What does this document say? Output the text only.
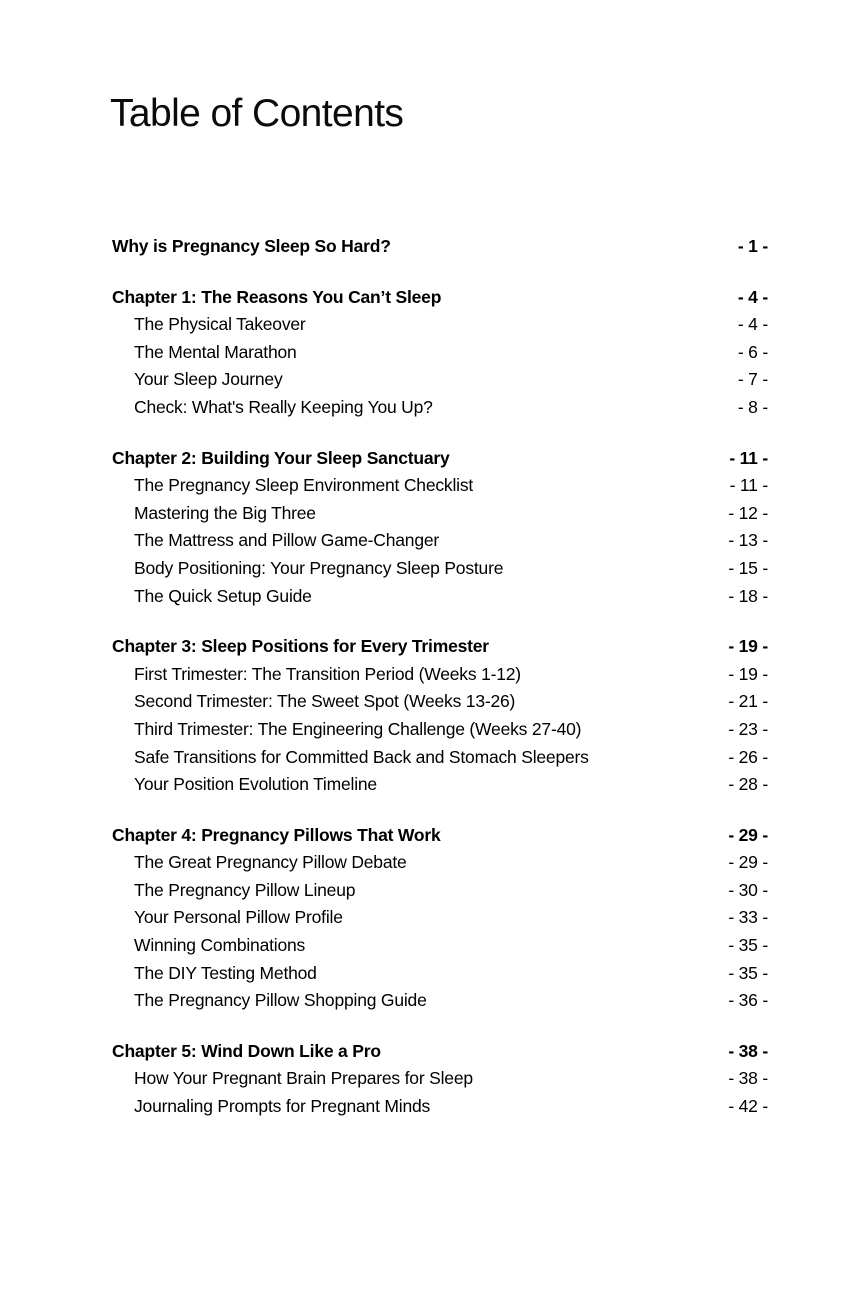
Table of Contents
Why is Pregnancy Sleep So Hard?	- 1 -
Chapter 1: The Reasons You Can’t Sleep	- 4 -
The Physical Takeover	- 4 -
The Mental Marathon	- 6 -
Your Sleep Journey	- 7 -
Check: What's Really Keeping You Up?	- 8 -
Chapter 2: Building Your Sleep Sanctuary	- 11 -
The Pregnancy Sleep Environment Checklist	- 11 -
Mastering the Big Three	- 12 -
The Mattress and Pillow Game-Changer	- 13 -
Body Positioning: Your Pregnancy Sleep Posture	- 15 -
The Quick Setup Guide	- 18 -
Chapter 3: Sleep Positions for Every Trimester	- 19 -
First Trimester: The Transition Period (Weeks 1-12)	- 19 -
Second Trimester: The Sweet Spot (Weeks 13-26)	- 21 -
Third Trimester: The Engineering Challenge (Weeks 27-40)	- 23 -
Safe Transitions for Committed Back and Stomach Sleepers	- 26 -
Your Position Evolution Timeline	- 28 -
Chapter 4: Pregnancy Pillows That Work	- 29 -
The Great Pregnancy Pillow Debate	- 29 -
The Pregnancy Pillow Lineup	- 30 -
Your Personal Pillow Profile	- 33 -
Winning Combinations	- 35 -
The DIY Testing Method	- 35 -
The Pregnancy Pillow Shopping Guide	- 36 -
Chapter 5: Wind Down Like a Pro	- 38 -
How Your Pregnant Brain Prepares for Sleep	- 38 -
Journaling Prompts for Pregnant Minds	- 42 -
